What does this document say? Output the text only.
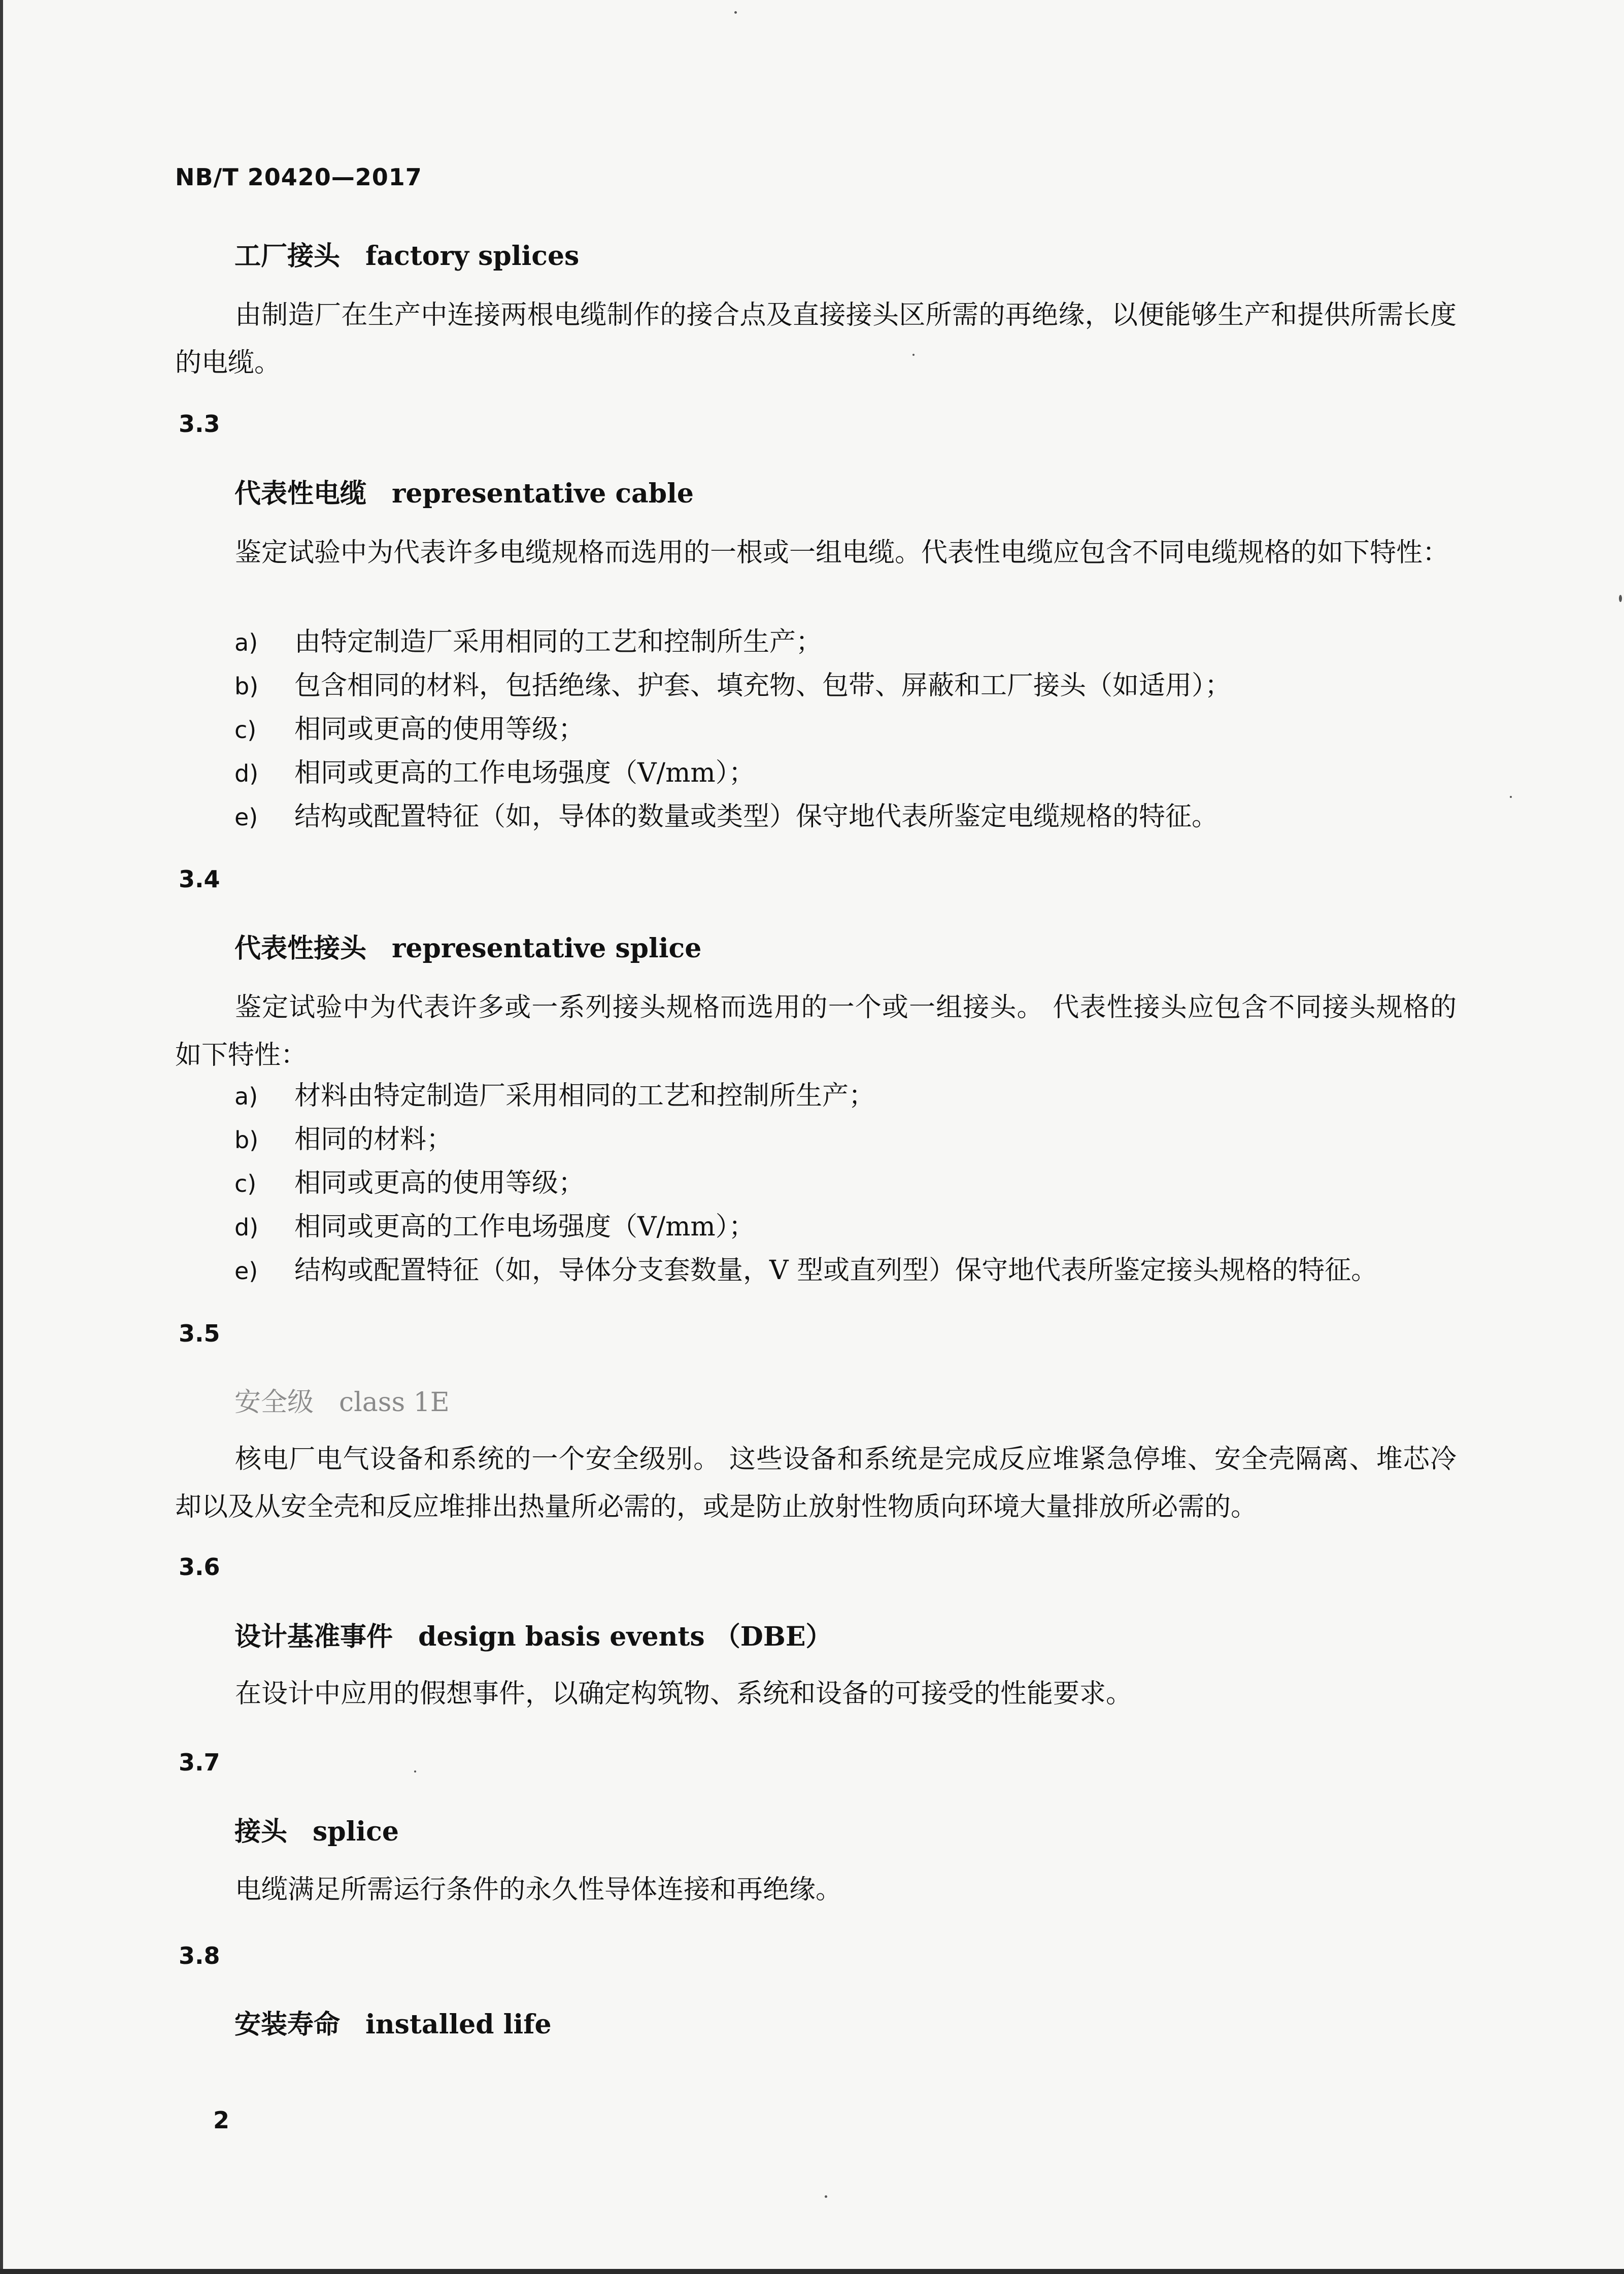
NB/T 20420—2017
工厂接头 factory splices
由制造厂在生产中连接两根电缆制作的接合点及直接接头区所需的再绝缘，以便能够生产和提供所需长度的电缆。
3.3
代表性电缆 representative cable
鉴定试验中为代表许多电缆规格而选用的一根或一组电缆。代表性电缆应包含不同电缆规格的如下特性：
a) 由特定制造厂采用相同的工艺和控制所生产；
b) 包含相同的材料，包括绝缘、护套、填充物、包带、屏蔽和工厂接头（如适用）；
c) 相同或更高的使用等级；
d) 相同或更高的工作电场强度（V/mm）；
e) 结构或配置特征（如，导体的数量或类型）保守地代表所鉴定电缆规格的特征。
3.4
代表性接头 representative splice
鉴定试验中为代表许多或一系列接头规格而选用的一个或一组接头。 代表性接头应包含不同接头规格的如下特性：
a) 材料由特定制造厂采用相同的工艺和控制所生产；
b) 相同的材料；
c) 相同或更高的使用等级；
d) 相同或更高的工作电场强度（V/mm）；
e) 结构或配置特征（如，导体分支套数量，V 型或直列型）保守地代表所鉴定接头规格的特征。
3.5
安全级 class 1E
核电厂电气设备和系统的一个安全级别。 这些设备和系统是完成反应堆紧急停堆、安全壳隔离、堆芯冷却以及从安全壳和反应堆排出热量所必需的，或是防止放射性物质向环境大量排放所必需的。
3.6
设计基准事件 design basis events （DBE）
在设计中应用的假想事件，以确定构筑物、系统和设备的可接受的性能要求。
3.7
接头 splice
电缆满足所需运行条件的永久性导体连接和再绝缘。
3.8
安装寿命 installed life
2
